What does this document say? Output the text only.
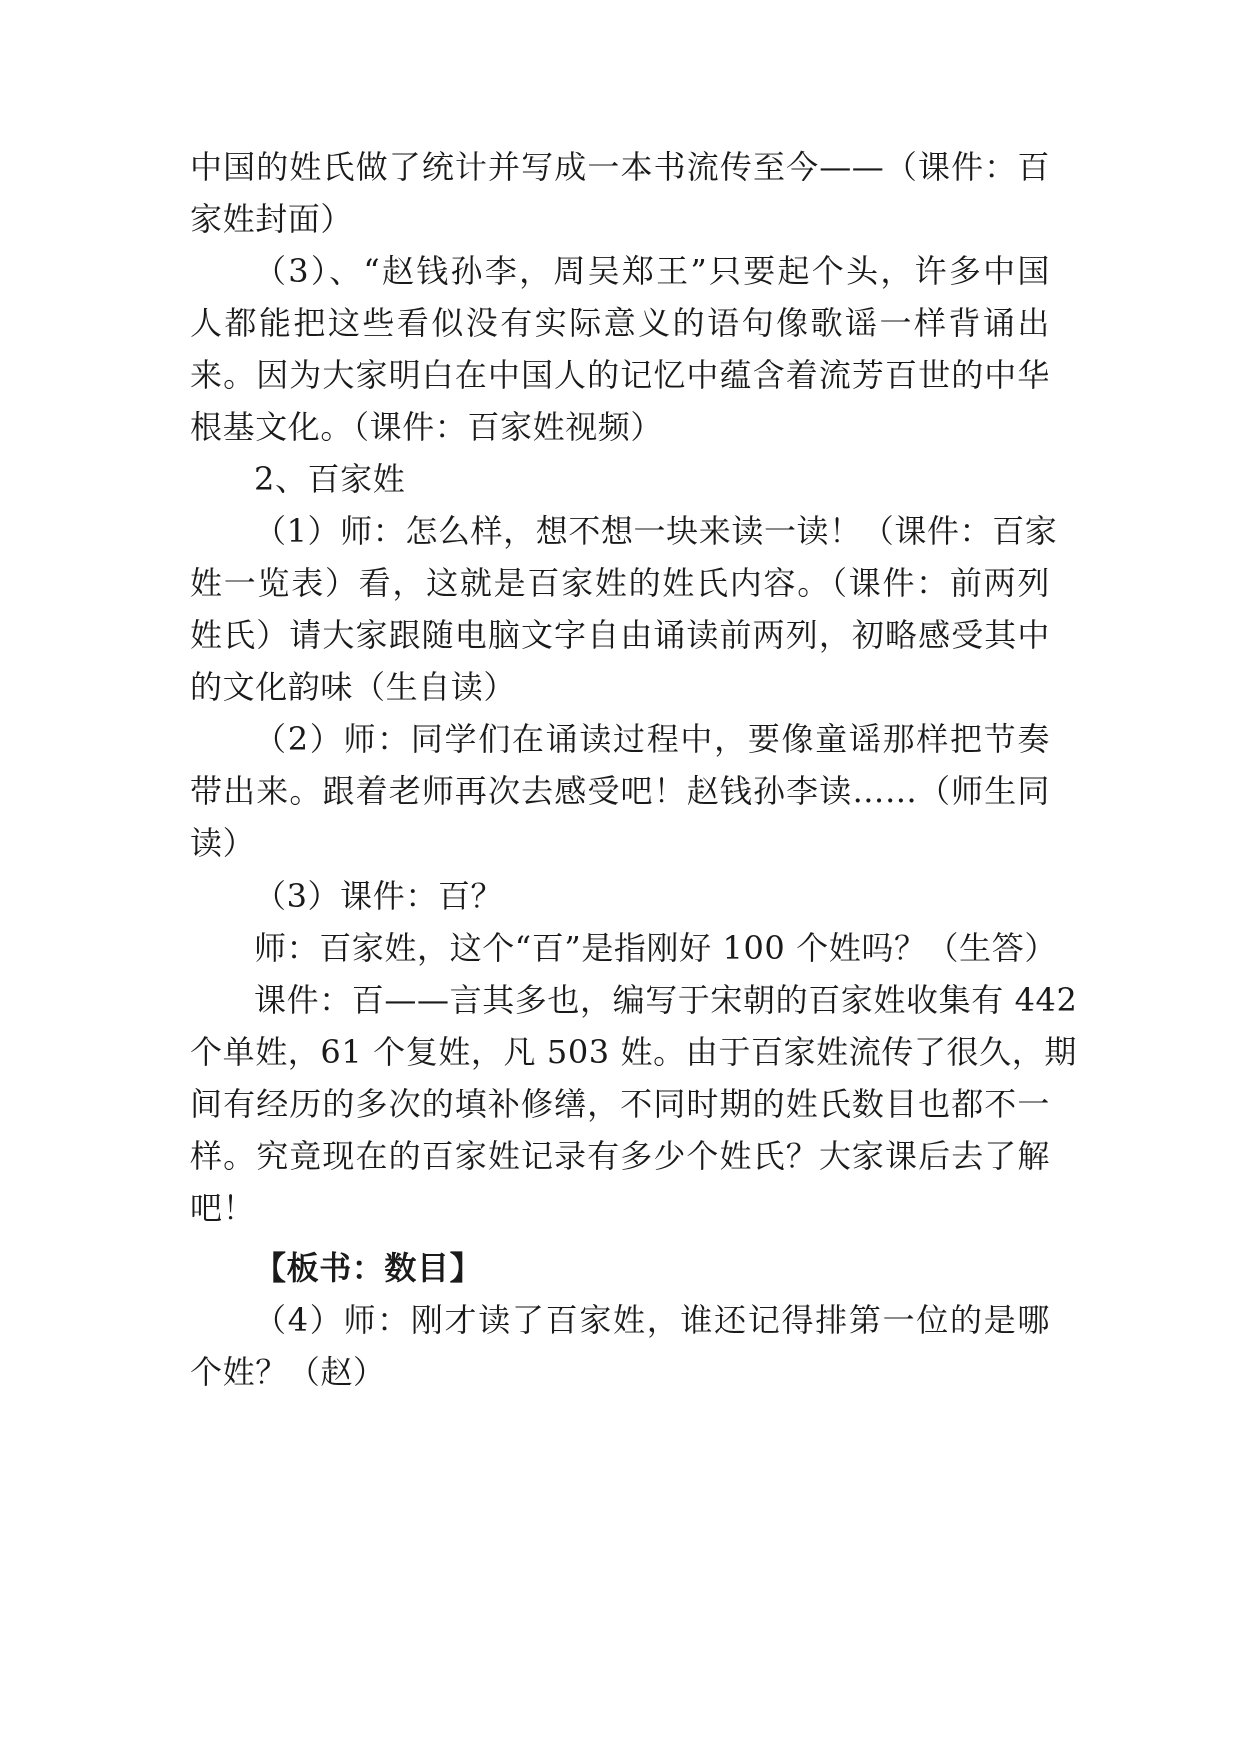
中国的姓氏做了统计并写成一本书流传至今——（课件：百
家姓封面）
（3）、“赵钱孙李，周吴郑王”只要起个头，许多中国
人都能把这些看似没有实际意义的语句像歌谣一样背诵出
来。因为大家明白在中国人的记忆中蕴含着流芳百世的中华
根基文化。（课件：百家姓视频）
2、百家姓
（1）师：怎么样，想不想一块来读一读！（课件：百家
姓一览表）看，这就是百家姓的姓氏内容。（课件：前两列
姓氏）请大家跟随电脑文字自由诵读前两列，初略感受其中
的文化韵味（生自读）
（2）师：同学们在诵读过程中，要像童谣那样把节奏
带出来。跟着老师再次去感受吧！赵钱孙李读……（师生同
读）
（3）课件：百？
师：百家姓，这个“百”是指刚好 100 个姓吗？（生答）
课件：百——言其多也，编写于宋朝的百家姓收集有 442
个单姓，61 个复姓，凡 503 姓。由于百家姓流传了很久，期
间有经历的多次的填补修缮，不同时期的姓氏数目也都不一
样。究竟现在的百家姓记录有多少个姓氏？大家课后去了解
吧！
【板书：数目】
（4）师：刚才读了百家姓，谁还记得排第一位的是哪
个姓？（赵）
